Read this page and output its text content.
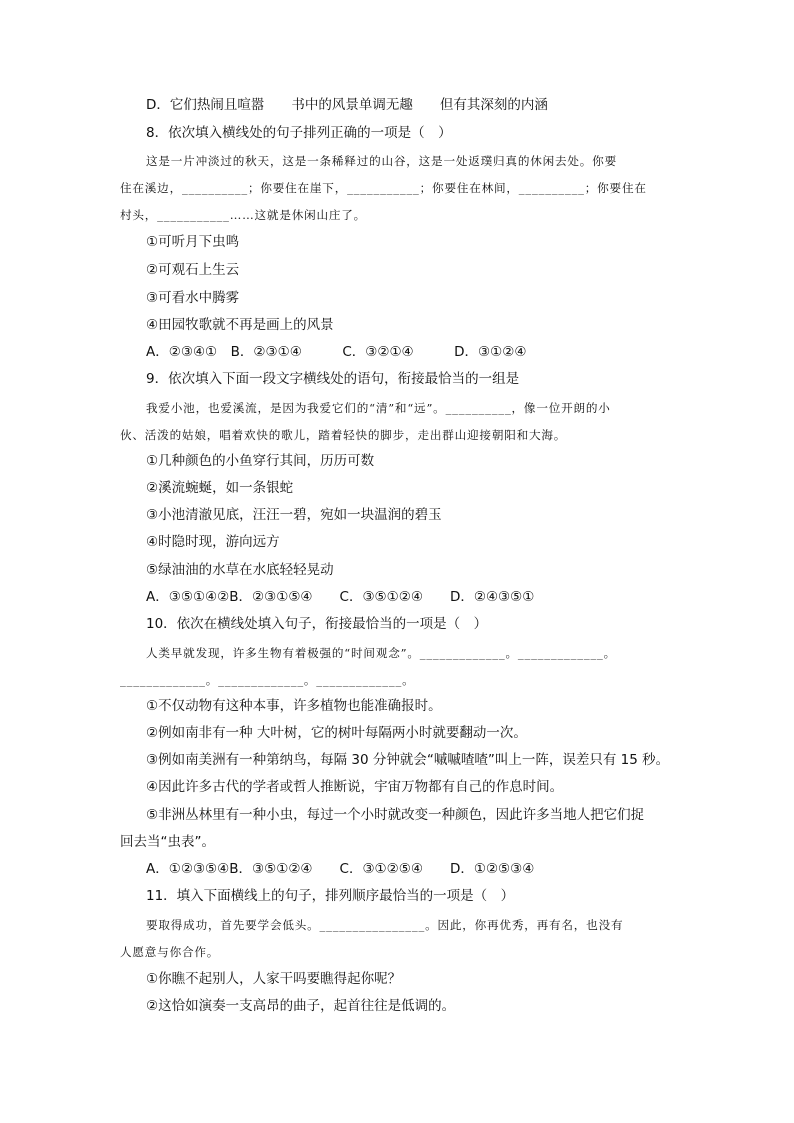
D．它们热闹且喧嚣　　书中的风景单调无趣　　但有其深刻的内涵
8．依次填入横线处的句子排列正确的一项是（　）
这是一片冲淡过的秋天，这是一条稀释过的山谷，这是一处返璞归真的休闲去处。你要
住在溪边，__________；你要住在崖下，___________；你要住在林间，__________；你要住在
村头，___________……这就是休闲山庄了。
①可听月下虫鸣
②可观石上生云
③可看水中腾雾
④田园牧歌就不再是画上的风景
A．②③④①　B．②③①④　　　C．③②①④　　　D．③①②④
9．依次填入下面一段文字横线处的语句，衔接最恰当的一组是
我爱小池，也爱溪流，是因为我爱它们的“清”和“远”。__________，像一位开朗的小
伙、活泼的姑娘，唱着欢快的歌儿，踏着轻快的脚步，走出群山迎接朝阳和大海。
①几种颜色的小鱼穿行其间，历历可数
②溪流蜿蜒，如一条银蛇
③小池清澈见底，汪汪一碧，宛如一块温润的碧玉
④时隐时现，游向远方
⑤绿油油的水草在水底轻轻晃动
A．③⑤①④②B．②③①⑤④　　C．③⑤①②④　　D．②④③⑤①
10．依次在横线处填入句子，衔接最恰当的一项是（　）
人类早就发现，许多生物有着极强的“时间观念”。_____________。_____________。
_____________。_____________。_____________。
①不仅动物有这种本事，许多植物也能准确报时。
②例如南非有一种 大叶树，它的树叶每隔两小时就要翻动一次。
③例如南美洲有一种第纳鸟，每隔 30 分钟就会“嘁嘁喳喳”叫上一阵，误差只有 15 秒。
④因此许多古代的学者或哲人推断说，宇宙万物都有自己的作息时间。
⑤非洲丛林里有一种小虫，每过一个小时就改变一种颜色，因此许多当地人把它们捉
回去当“虫表”。
A．①②③⑤④B．③⑤①②④　　C．③①②⑤④　　D．①②⑤③④
11．填入下面横线上的句子，排列顺序最恰当的一项是（　）
要取得成功，首先要学会低头。________________。因此，你再优秀，再有名，也没有
人愿意与你合作。
①你瞧不起别人，人家干吗要瞧得起你呢？
②这恰如演奏一支高昂的曲子，起首往往是低调的。
